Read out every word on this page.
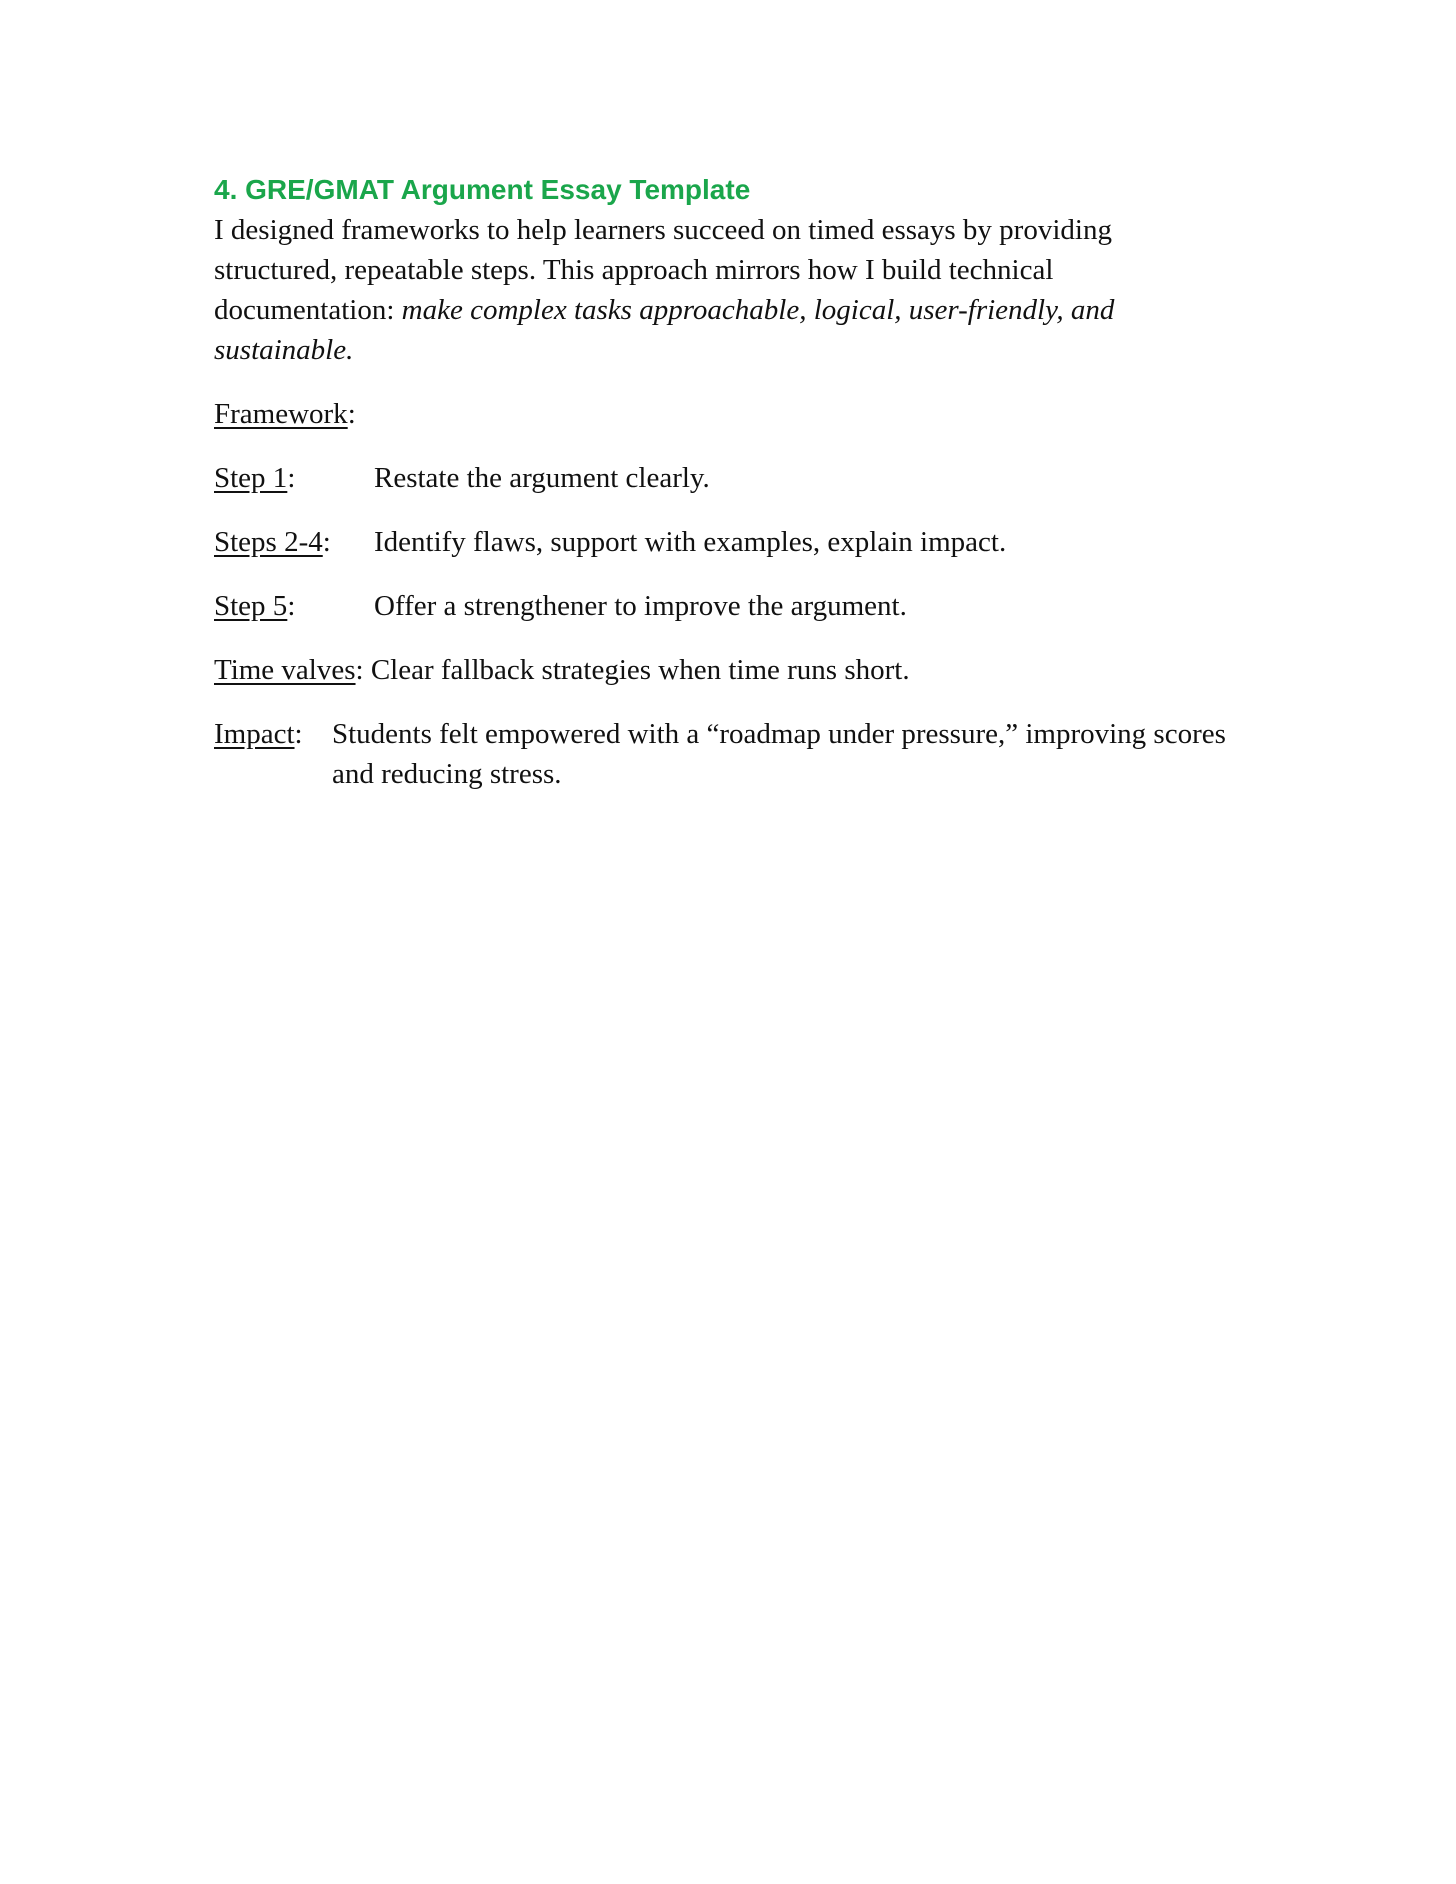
4. GRE/GMAT Argument Essay Template

I designed frameworks to help learners succeed on timed essays by providing structured, repeatable steps. This approach mirrors how I build technical documentation: make complex tasks approachable, logical, user-friendly, and sustainable.

Framework:

Step 1:	Restate the argument clearly.
Steps 2-4:	Identify flaws, support with examples, explain impact.
Step 5:	Offer a strengthener to improve the argument.
Time valves: Clear fallback strategies when time runs short.
Impact:	Students felt empowered with a “roadmap under pressure,” improving scores and reducing stress.
